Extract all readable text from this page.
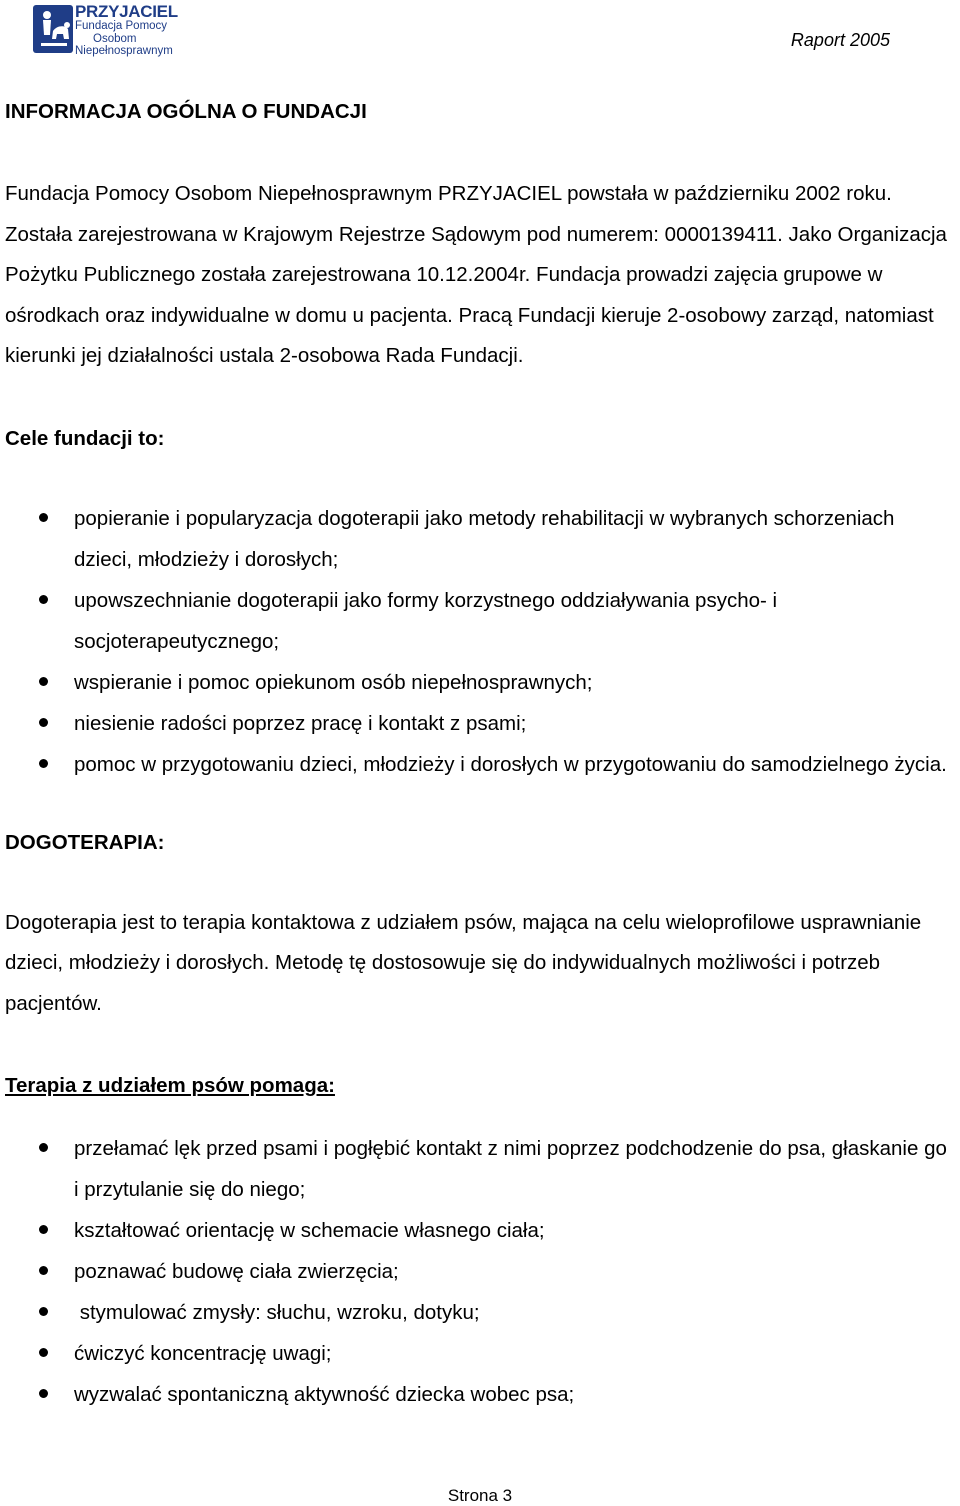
PRZYJACIEL
Fundacja Pomocy
Osobom
Niepełnosprawnym
Raport 2005
INFORMACJA OGÓLNA O FUNDACJI

Fundacja Pomocy Osobom Niepełnosprawnym PRZYJACIEL powstała w październiku 2002 roku. Została zarejestrowana w Krajowym Rejestrze Sądowym pod numerem: 0000139411. Jako Organizacja Pożytku Publicznego została zarejestrowana 10.12.2004r. Fundacja prowadzi zajęcia grupowe w ośrodkach oraz indywidualne w domu u pacjenta. Pracą Fundacji kieruje 2-osobowy zarząd, natomiast kierunki jej działalności ustala 2-osobowa Rada Fundacji.

Cele fundacji to:
popieranie i popularyzacja dogoterapii jako metody rehabilitacji w wybranych schorzeniach dzieci, młodzieży i dorosłych;
upowszechnianie dogoterapii jako formy korzystnego oddziaływania psycho- i socjoterapeutycznego;
wspieranie i pomoc opiekunom osób niepełnosprawnych;
niesienie radości poprzez pracę i kontakt z psami;
pomoc w przygotowaniu dzieci, młodzieży i dorosłych w przygotowaniu do samodzielnego życia.
DOGOTERAPIA:

Dogoterapia jest to terapia kontaktowa z udziałem psów, mająca na celu wieloprofilowe usprawnianie dzieci, młodzieży i dorosłych. Metodę tę dostosowuje się do indywidualnych możliwości i potrzeb pacjentów.

Terapia z udziałem psów pomaga:
przełamać lęk przed psami i pogłębić kontakt z nimi poprzez podchodzenie do psa, głaskanie go i przytulanie się do niego;
kształtować orientację w schemacie własnego ciała;
poznawać budowę ciała zwierzęcia;
stymulować zmysły: słuchu, wzroku, dotyku;
ćwiczyć koncentrację uwagi;
wyzwalać spontaniczną aktywność dziecka wobec psa;
Strona 3
